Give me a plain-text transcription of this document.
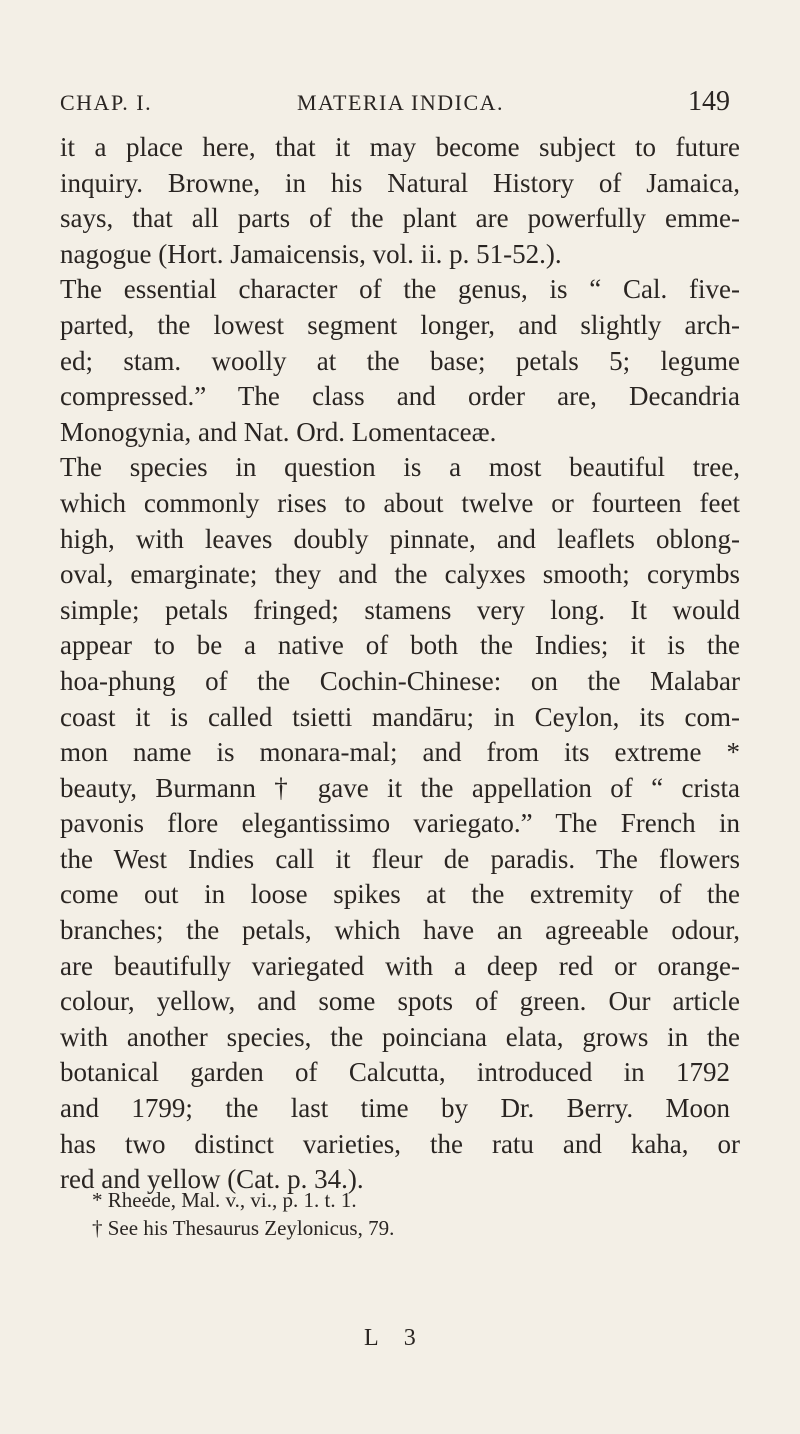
CHAP. I.	MATERIA INDICA.	149
it a place here, that it may become subject to future
inquiry. Browne, in his Natural History of Jamaica,
says, that all parts of the plant are powerfully emme-
nagogue (Hort. Jamaicensis, vol. ii. p. 51-52.).
The essential character of the genus, is “ Cal. five-
parted, the lowest segment longer, and slightly arch-
ed; stam. woolly at the base; petals 5; legume
compressed.” The class and order are, Decandria
Monogynia, and Nat. Ord. Lomentaceæ.
The species in question is a most beautiful tree,
which commonly rises to about twelve or fourteen feet
high, with leaves doubly pinnate, and leaflets oblong-
oval, emarginate; they and the calyxes smooth; corymbs
simple; petals fringed; stamens very long. It would
appear to be a native of both the Indies; it is the
hoa-phung of the Cochin-Chinese: on the Malabar
coast it is called tsietti mandāru; in Ceylon, its com-
mon name is monara-mal; and from its extreme *
beauty, Burmann † gave it the appellation of “ crista
pavonis flore elegantissimo variegato.” The French in
the West Indies call it fleur de paradis. The flowers
come out in loose spikes at the extremity of the
branches; the petals, which have an agreeable odour,
are beautifully variegated with a deep red or orange-
colour, yellow, and some spots of green. Our article
with another species, the poinciana elata, grows in the
botanical garden of Calcutta, introduced in 1792
and 1799; the last time by Dr. Berry. Moon
has two distinct varieties, the ratu and kaha, or
red and yellow (Cat. p. 34.).
* Rheede, Mal. v., vi., p. 1. t. 1.
† See his Thesaurus Zeylonicus, 79.
L 3
